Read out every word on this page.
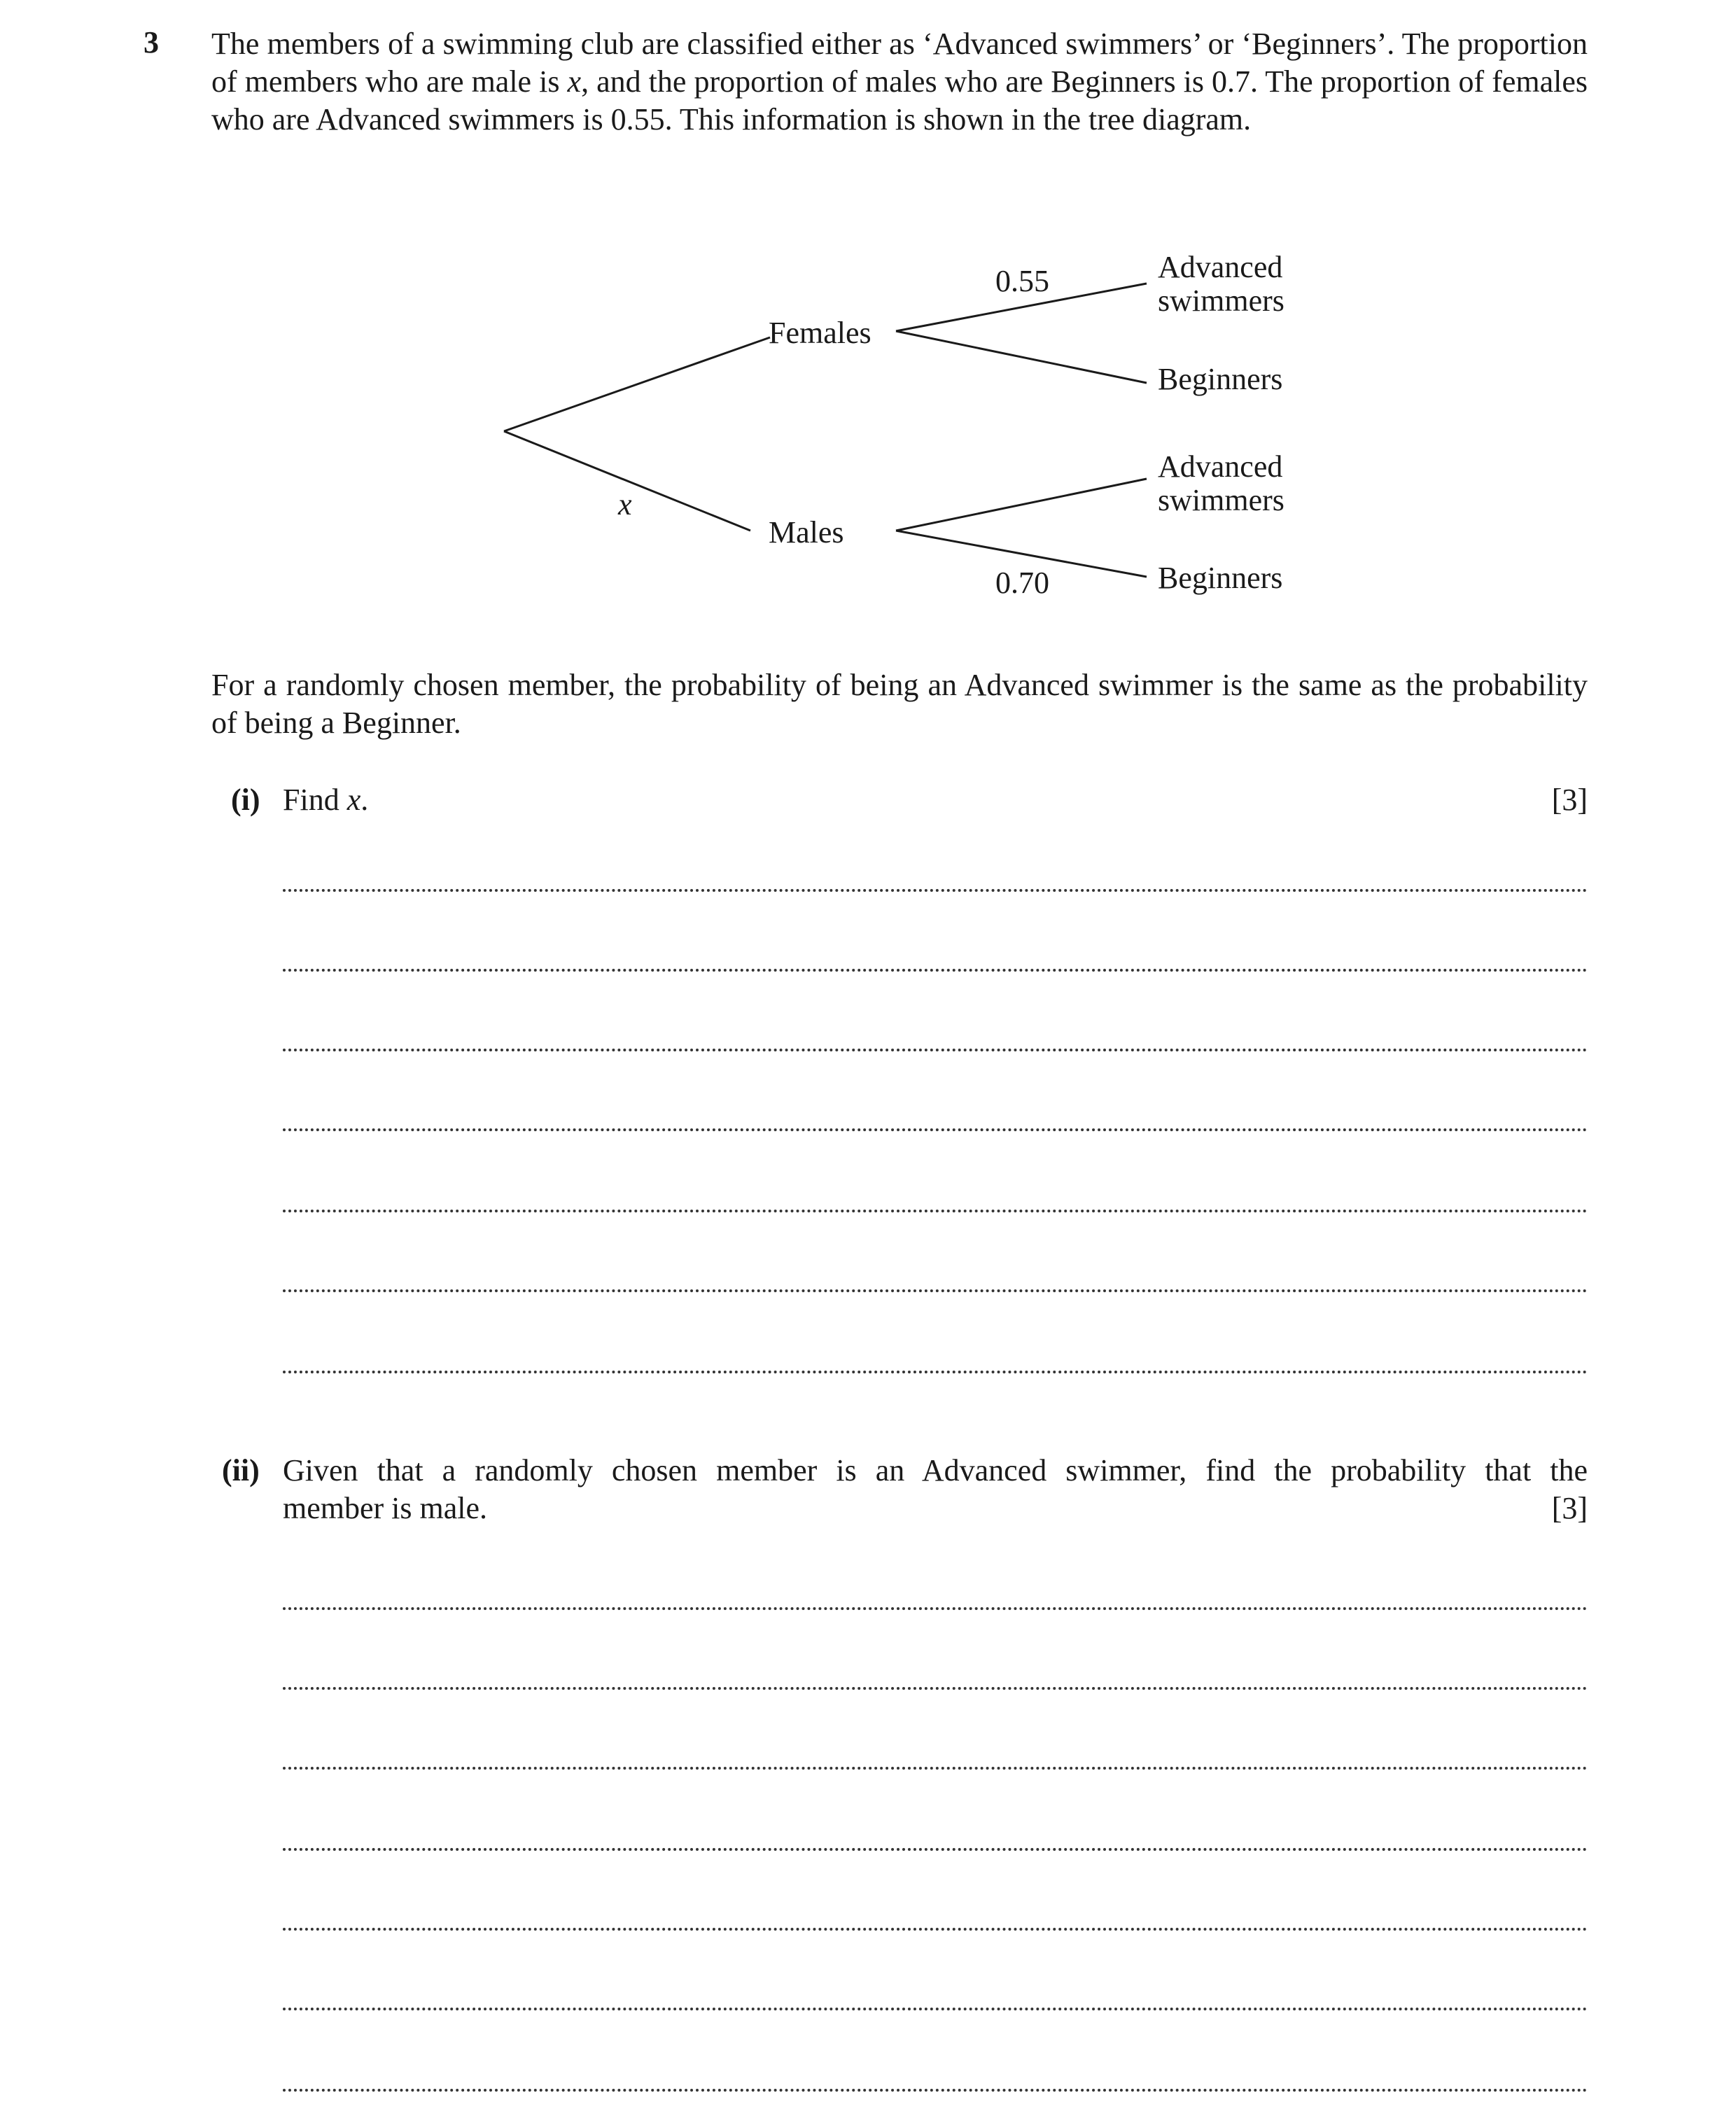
3 The members of a swimming club are classified either as ‘Advanced swimmers’ or ‘Beginners’. The proportion of members who are male is x, and the proportion of males who are Beginners is 0.7. The proportion of females who are Advanced swimmers is 0.55. This information is shown in the tree diagram.
Females
Males
x
0.55	Advanced
swimmers
Beginners
Advanced
swimmers
0.70	Beginners
For a randomly chosen member, the probability of being an Advanced swimmer is the same as the probability of being a Beginner.
(i) Find x.	[3]
(ii) Given that a randomly chosen member is an Advanced swimmer, find the probability that the
member is male.	[3]
